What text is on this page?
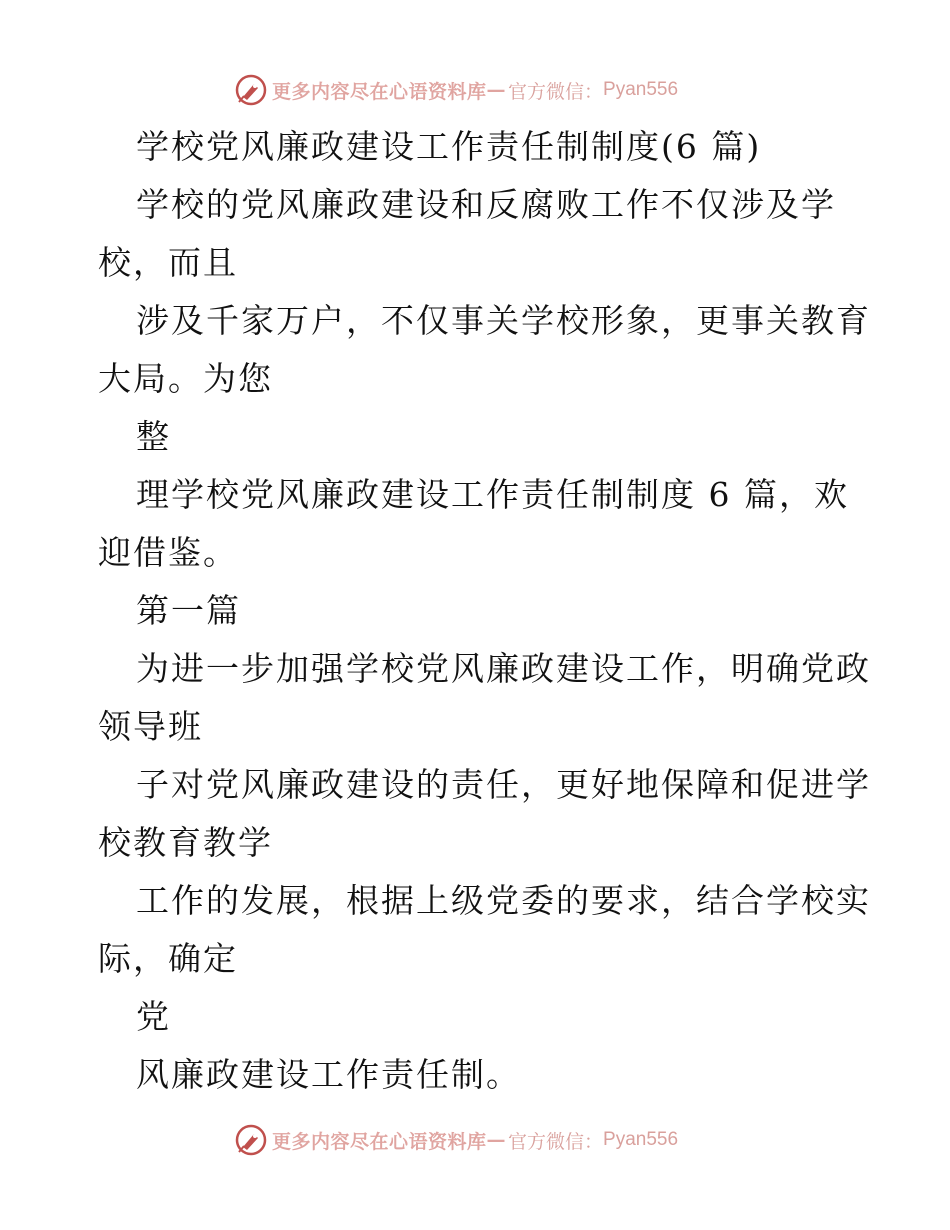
更多内容尽在心语资料库 — 官方微信： Pyan556
学校党风廉政建设工作责任制制度(6 篇)
学校的党风廉政建设和反腐败工作不仅涉及学
校，而且
涉及千家万户，不仅事关学校形象，更事关教育
大局。为您
整
理学校党风廉政建设工作责任制制度 6 篇，欢
迎借鉴。
第一篇
为进一步加强学校党风廉政建设工作，明确党政
领导班
子对党风廉政建设的责任，更好地保障和促进学
校教育教学
工作的发展，根据上级党委的要求，结合学校实
际，确定
党
风廉政建设工作责任制。
更多内容尽在心语资料库 — 官方微信： Pyan556
